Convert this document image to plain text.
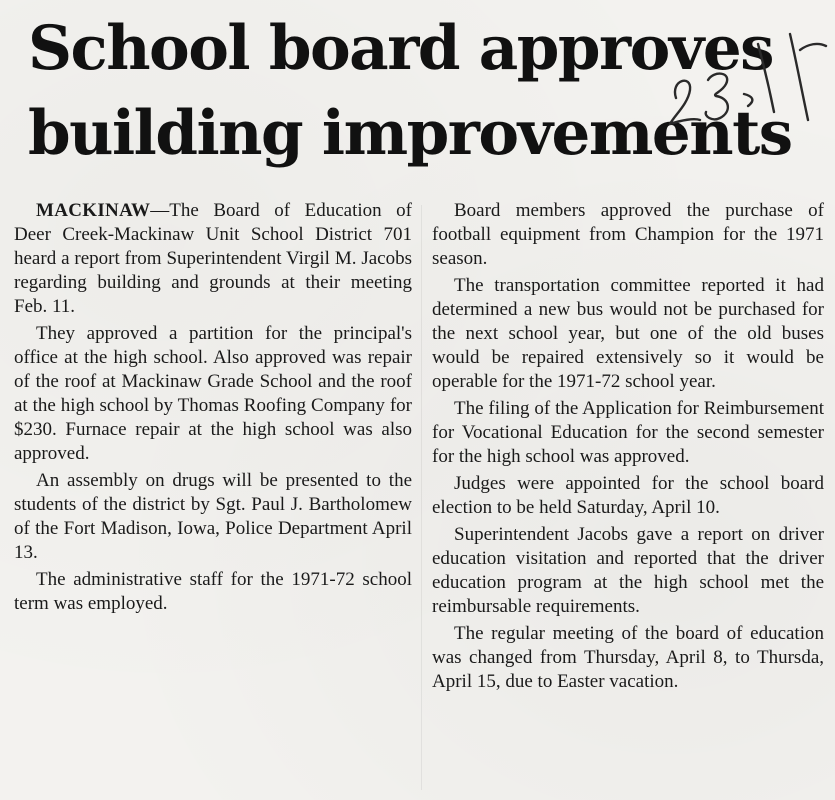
School board approves
building improvements

MACKINAW—The Board of Education of Deer Creek-Mackinaw Unit School District 701 heard a report from Superintendent Virgil M. Jacobs regarding building and grounds at their meeting Feb. 11.

They approved a partition for the principal's office at the high school. Also approved was repair of the roof at Mackinaw Grade School and the roof at the high school by Thomas Roofing Company for $230. Furnace repair at the high school was also approved.

An assembly on drugs will be presented to the students of the district by Sgt. Paul J. Bartholomew of the Fort Madison, Iowa, Police Department April 13.

The administrative staff for the 1971-72 school term was employed.

Board members approved the purchase of football equipment from Champion for the 1971 season.

The transportation committee reported it had determined a new bus would not be purchased for the next school year, but one of the old buses would be repaired extensively so it would be operable for the 1971-72 school year.

The filing of the Application for Reimbursement for Vocational Education for the second semester for the high school was approved.

Judges were appointed for the school board election to be held Saturday, April 10.

Superintendent Jacobs gave a report on driver education visitation and reported that the driver education program at the high school met the reimbursable requirements.

The regular meeting of the board of education was changed from Thursday, April 8, to Thursda, April 15, due to Easter vacation.
